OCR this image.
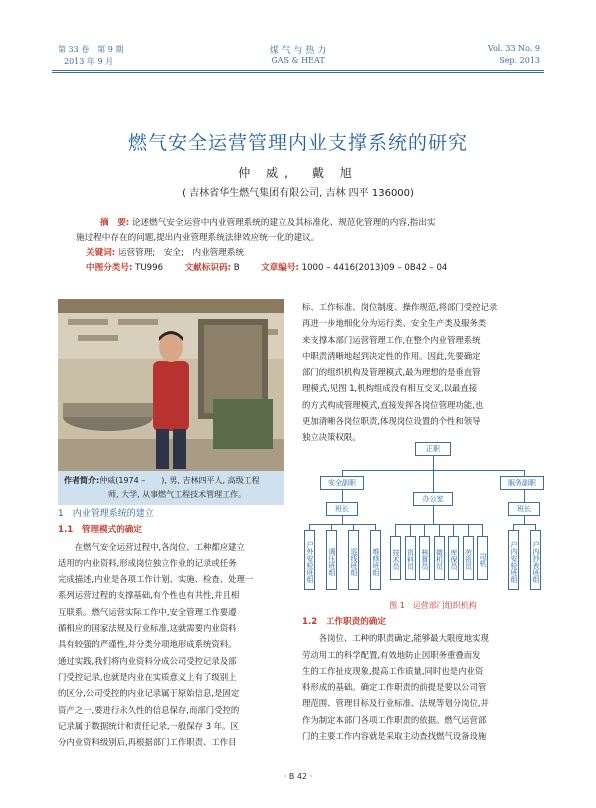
第 33 卷　第 9 期
2013 年 9 月
煤 气 与 热 力
GAS & HEAT
Vol. 33 No. 9
Sep. 2013
燃气安全运营管理内业支撑系统的研究
仲 威,　戴 旭
( 吉林省华生燃气集团有限公司, 吉林 四平 136000)
摘　要: 论述燃气安全运营中内业管理系统的建立及其标准化、规范化管理的内容,指出实
施过程中存在的问题,提出内业管理系统法律效应统一化的建议。
关键词: 运营管理;　安全;　内业管理系统
中图分类号: TU996 文献标识码: B 文章编号: 1000 – 4416(2013)09 – 0B42 – 04
作者简介:仲威(1974 –　　), 男, 吉林四平人, 高级工程
师, 大学, 从事燃气工程技术管理工作。
1　内业管理系统的建立
1.1　管理模式的确定
　　在燃气安全运营过程中,各岗位、工种都应建立
适用的内业资料,形成岗位独立作业的记录或任务
完成描述,内业是各项工作计划、实施、检查、处理一
系列运营过程的支撑基础,有个性也有共性,并且相
互联系。燃气运营实际工作中,安全管理工作要遵
循相应的国家法规及行业标准,这就需要内业资料
具有较强的严谨性,并分类分项地形成系统资料。
通过实践,我们将内业资料分成公司受控记录及部
门受控记录,也就是内业在实质意义上有了级别上
的区分,公司受控的内业记录属于原始信息,是固定
资产之一,要进行永久性的信息保存,而部门受控的
记录属于数据统计和责任记录,一般保存 3 年。区
分内业资料级别后,再根据部门工作职责、工作目
标、工作标准、岗位制度、操作规范,将部门受控记录
再进一步地细化分为运行类、安全生产类及服务类
来支撑本部门运营管理工作,在整个内业管理系统
中职责清晰地起到决定性的作用。因此,先要确定
部门的组织机构及管理模式,最为理想的是垂直管
理模式,见图 1,机构组成没有相互交叉,以最直接
的方式构成管理模式,直接发挥各岗位管理功能,也
更加清晰各岗位职责,体现岗位设置的个性和领导
独立决策权限。
正职
安全副职	服务副职
办公室
班长	班长
户外安检班组 调压班组 巡线班组 维修班组 技术员 资料员 核算员 微机员 库保员 劳资员 司机	户内安检班组 户内抄表班组
图 1　运营部门组织机构
1.2　工作职责的确定
　　各岗位、工种的职责确定,能够最大限度地实现
劳动用工的科学配置,有效地防止因职务重叠而发
生的工作扯皮现象,提高工作质量,同时也是内业资
料形成的基础。确定工作职责的前提是要以公司管
理范围、管理目标及行业标准、法规等划分岗位,并
作为制定本部门各项工作职责的依据。燃气运营部
门的主要工作内容就是采取主动查找燃气设备设施
· B 42 ·
